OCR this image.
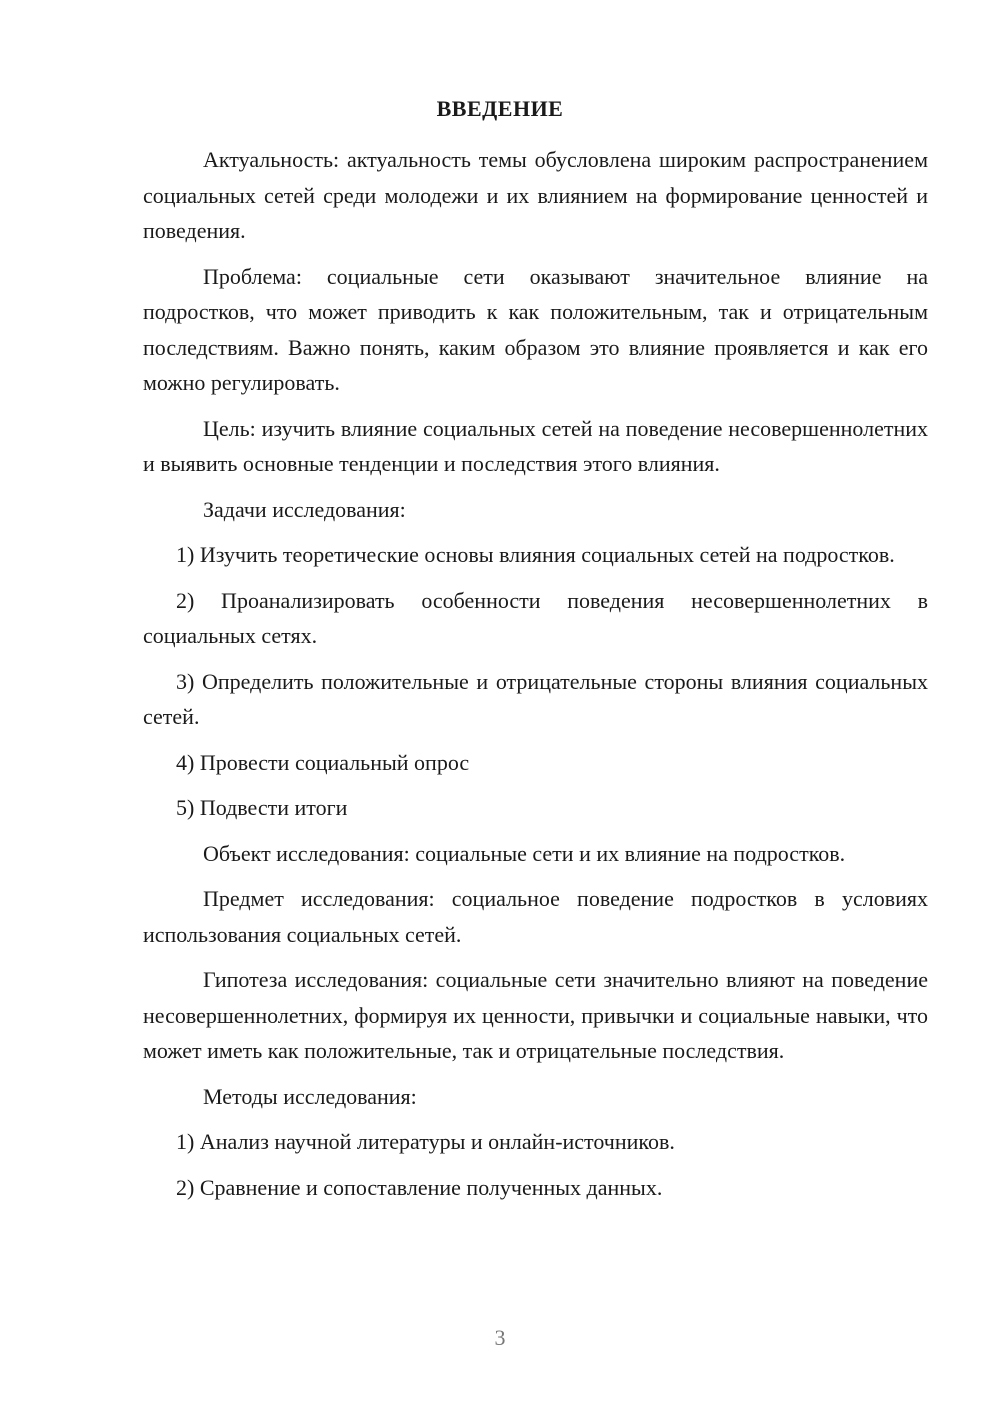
ВВЕДЕНИЕ

Актуальность: актуальность темы обусловлена широким распространением социальных сетей среди молодежи и их влиянием на формирование ценностей и поведения.

Проблема: социальные сети оказывают значительное влияние на подростков, что может приводить к как положительным, так и отрицательным последствиям. Важно понять, каким образом это влияние проявляется и как его можно регулировать.

Цель: изучить влияние социальных сетей на поведение несовершеннолетних и выявить основные тенденции и последствия этого влияния.

Задачи исследования:

1) Изучить теоретические основы влияния социальных сетей на подростков.

2) Проанализировать особенности поведения несовершеннолетних в социальных сетях.

3) Определить положительные и отрицательные стороны влияния социальных сетей.

4) Провести социальный опрос

5) Подвести итоги

Объект исследования: социальные сети и их влияние на подростков.

Предмет исследования: социальное поведение подростков в условиях использования социальных сетей.

Гипотеза исследования: социальные сети значительно влияют на поведение несовершеннолетних, формируя их ценности, привычки и социальные навыки, что может иметь как положительные, так и отрицательные последствия.

Методы исследования:

1) Анализ научной литературы и онлайн-источников.

2) Сравнение и сопоставление полученных данных.

3
